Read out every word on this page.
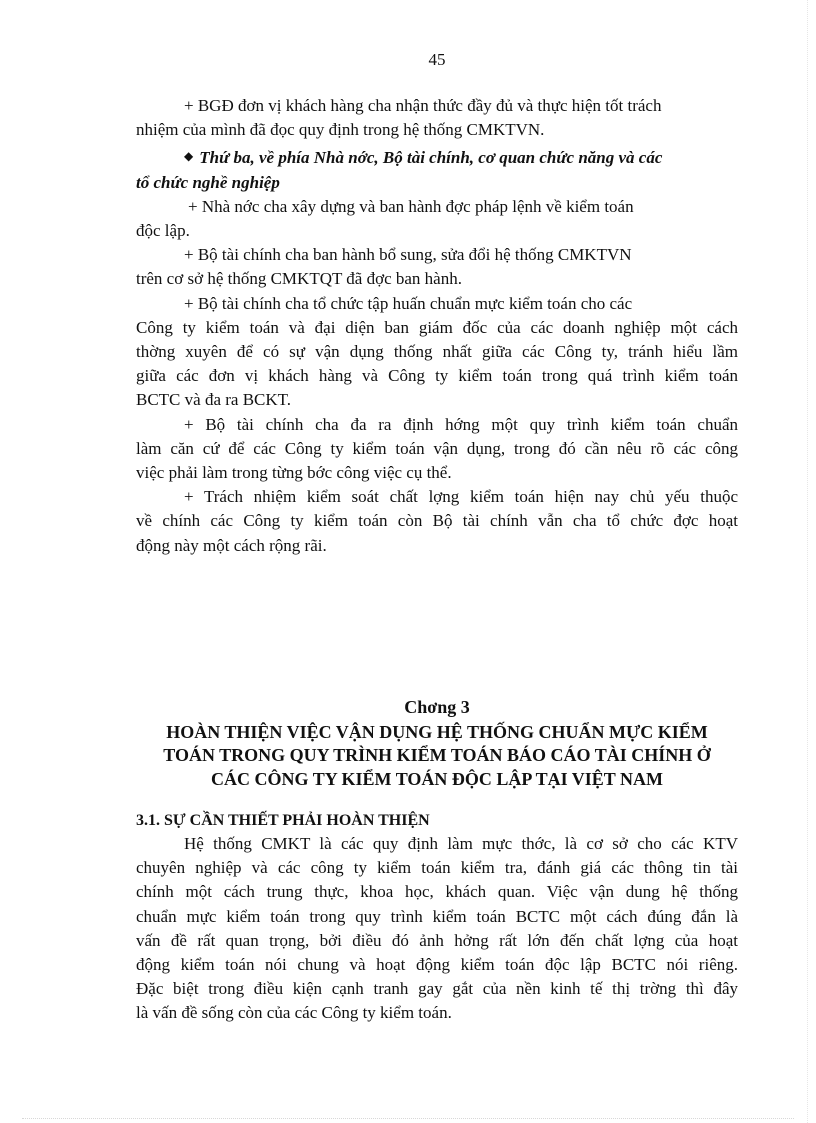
45

+ BGĐ đơn vị khách hàng cha nhận thức đầy đủ và thực hiện tốt trách

nhiệm của mình đã đọc quy định trong hệ thống CMKTVN.

◆ Thứ ba, về phía Nhà nớc, Bộ tài chính, cơ quan chức năng và các

tổ chức nghề nghiệp

+ Nhà nớc cha xây dựng và ban hành đợc pháp lệnh về kiểm toán

độc lập.

+ Bộ tài chính cha ban hành bổ sung, sửa đổi hệ thống CMKTVN

trên cơ sở hệ thống CMKTQT đã đợc ban hành.

+ Bộ tài chính cha tổ chức tập huấn chuẩn mực kiểm toán cho các

Công ty kiểm toán và đại diện ban giám đốc của các doanh nghiệp một cách

thờng xuyên để có sự vận dụng thống nhất giữa các Công ty, tránh hiểu lầm

giữa các đơn vị khách hàng và Công ty kiểm toán trong quá trình kiểm toán

BCTC và đa ra BCKT.

+ Bộ tài chính cha đa ra định hớng một quy trình kiểm toán chuẩn

làm căn cứ để các Công ty kiểm toán vận dụng, trong đó cần nêu rõ các công

việc phải làm trong từng bớc công việc cụ thể.

+ Trách nhiệm kiểm soát chất lợng kiểm toán hiện nay chủ yếu thuộc

về chính các Công ty kiểm toán còn Bộ tài chính vẫn cha tổ chức đợc hoạt

động này một cách rộng rãi.

Chơng 3
HOÀN THIỆN VIỆC VẬN DỤNG HỆ THỐNG CHUẨN MỰC KIỂM
TOÁN TRONG QUY TRÌNH KIỂM TOÁN BÁO CÁO TÀI CHÍNH Ở
CÁC CÔNG TY KIỂM TOÁN ĐỘC LẬP TẠI VIỆT NAM
3.1. SỰ CẦN THIẾT PHẢI HOÀN THIỆN

Hệ thống CMKT là các quy định làm mực thớc, là cơ sở cho các KTV

chuyên nghiệp và các công ty kiểm toán kiểm tra, đánh giá các thông tin tài

chính một cách trung thực, khoa học, khách quan. Việc vận dung hệ thống

chuẩn mực kiểm toán trong quy trình kiểm toán BCTC một cách đúng đắn là

vấn đề rất quan trọng, bởi điều đó ảnh hởng rất lớn đến chất lợng của hoạt

động kiểm toán nói chung và hoạt động kiểm toán độc lập BCTC nói riêng.

Đặc biệt trong điều kiện cạnh tranh gay gắt của nền kinh tế thị trờng thì đây

là vấn đề sống còn của các Công ty kiểm toán.
